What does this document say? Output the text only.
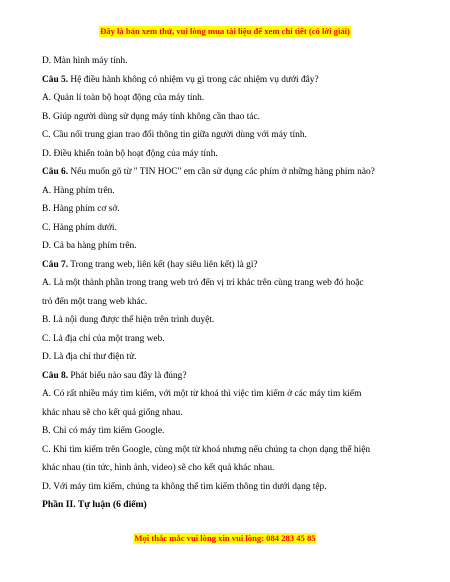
Đây là bản xem thử, vui lòng mua tài liệu để xem chi tiết (có lời giải)
D. Màn hình máy tính.
Câu 5. Hệ điều hành không có nhiệm vụ gì trong các nhiệm vụ dưới đây?
A. Quản lí toàn bộ hoạt động của máy tính.
B. Giúp người dùng sử dụng máy tính không cần thao tác.
C. Cầu nối trung gian trao đổi thông tin giữa người dùng với máy tính.
D. Điều khiển toàn bộ hoạt động của máy tính.
Câu 6. Nếu muốn gõ từ " TIN HOC" em cần sử dụng các phím ở những hàng phím nào?
A. Hàng phím trên.
B. Hàng phím cơ sở.
C. Hàng phím dưới.
D. Cả ba hàng phím trên.
Câu 7. Trong trang web, liên kết (hay siêu liên kết) là gì?
A. Là một thành phần trong trang web trỏ đến vị trí khác trên cùng trang web đó hoặc
trỏ đến một trang web khác.
B. Là nội dung được thể hiện trên trình duyệt.
C. Là địa chỉ của một trang web.
D. Là địa chỉ thư điện tử.
Câu 8. Phát biểu nào sau đây là đúng?
A. Có rất nhiều máy tìm kiếm, với một từ khoá thì việc tìm kiếm ở các máy tìm kiếm
khác nhau sẽ cho kết quả giống nhau.
B. Chỉ có máy tìm kiếm Google.
C. Khi tìm kiếm trên Google, cùng một từ khoá nhưng nếu chúng ta chọn dạng thể hiện
khác nhau (tin tức, hình ảnh, video) sẽ cho kết quả khác nhau.
D. Với máy tìm kiếm, chúng ta không thể tìm kiếm thông tin dưới dạng tệp.
Phần II. Tự luận (6 điểm)
Mọi thắc mắc vui lòng xin vui lòng: 084 283 45 85
